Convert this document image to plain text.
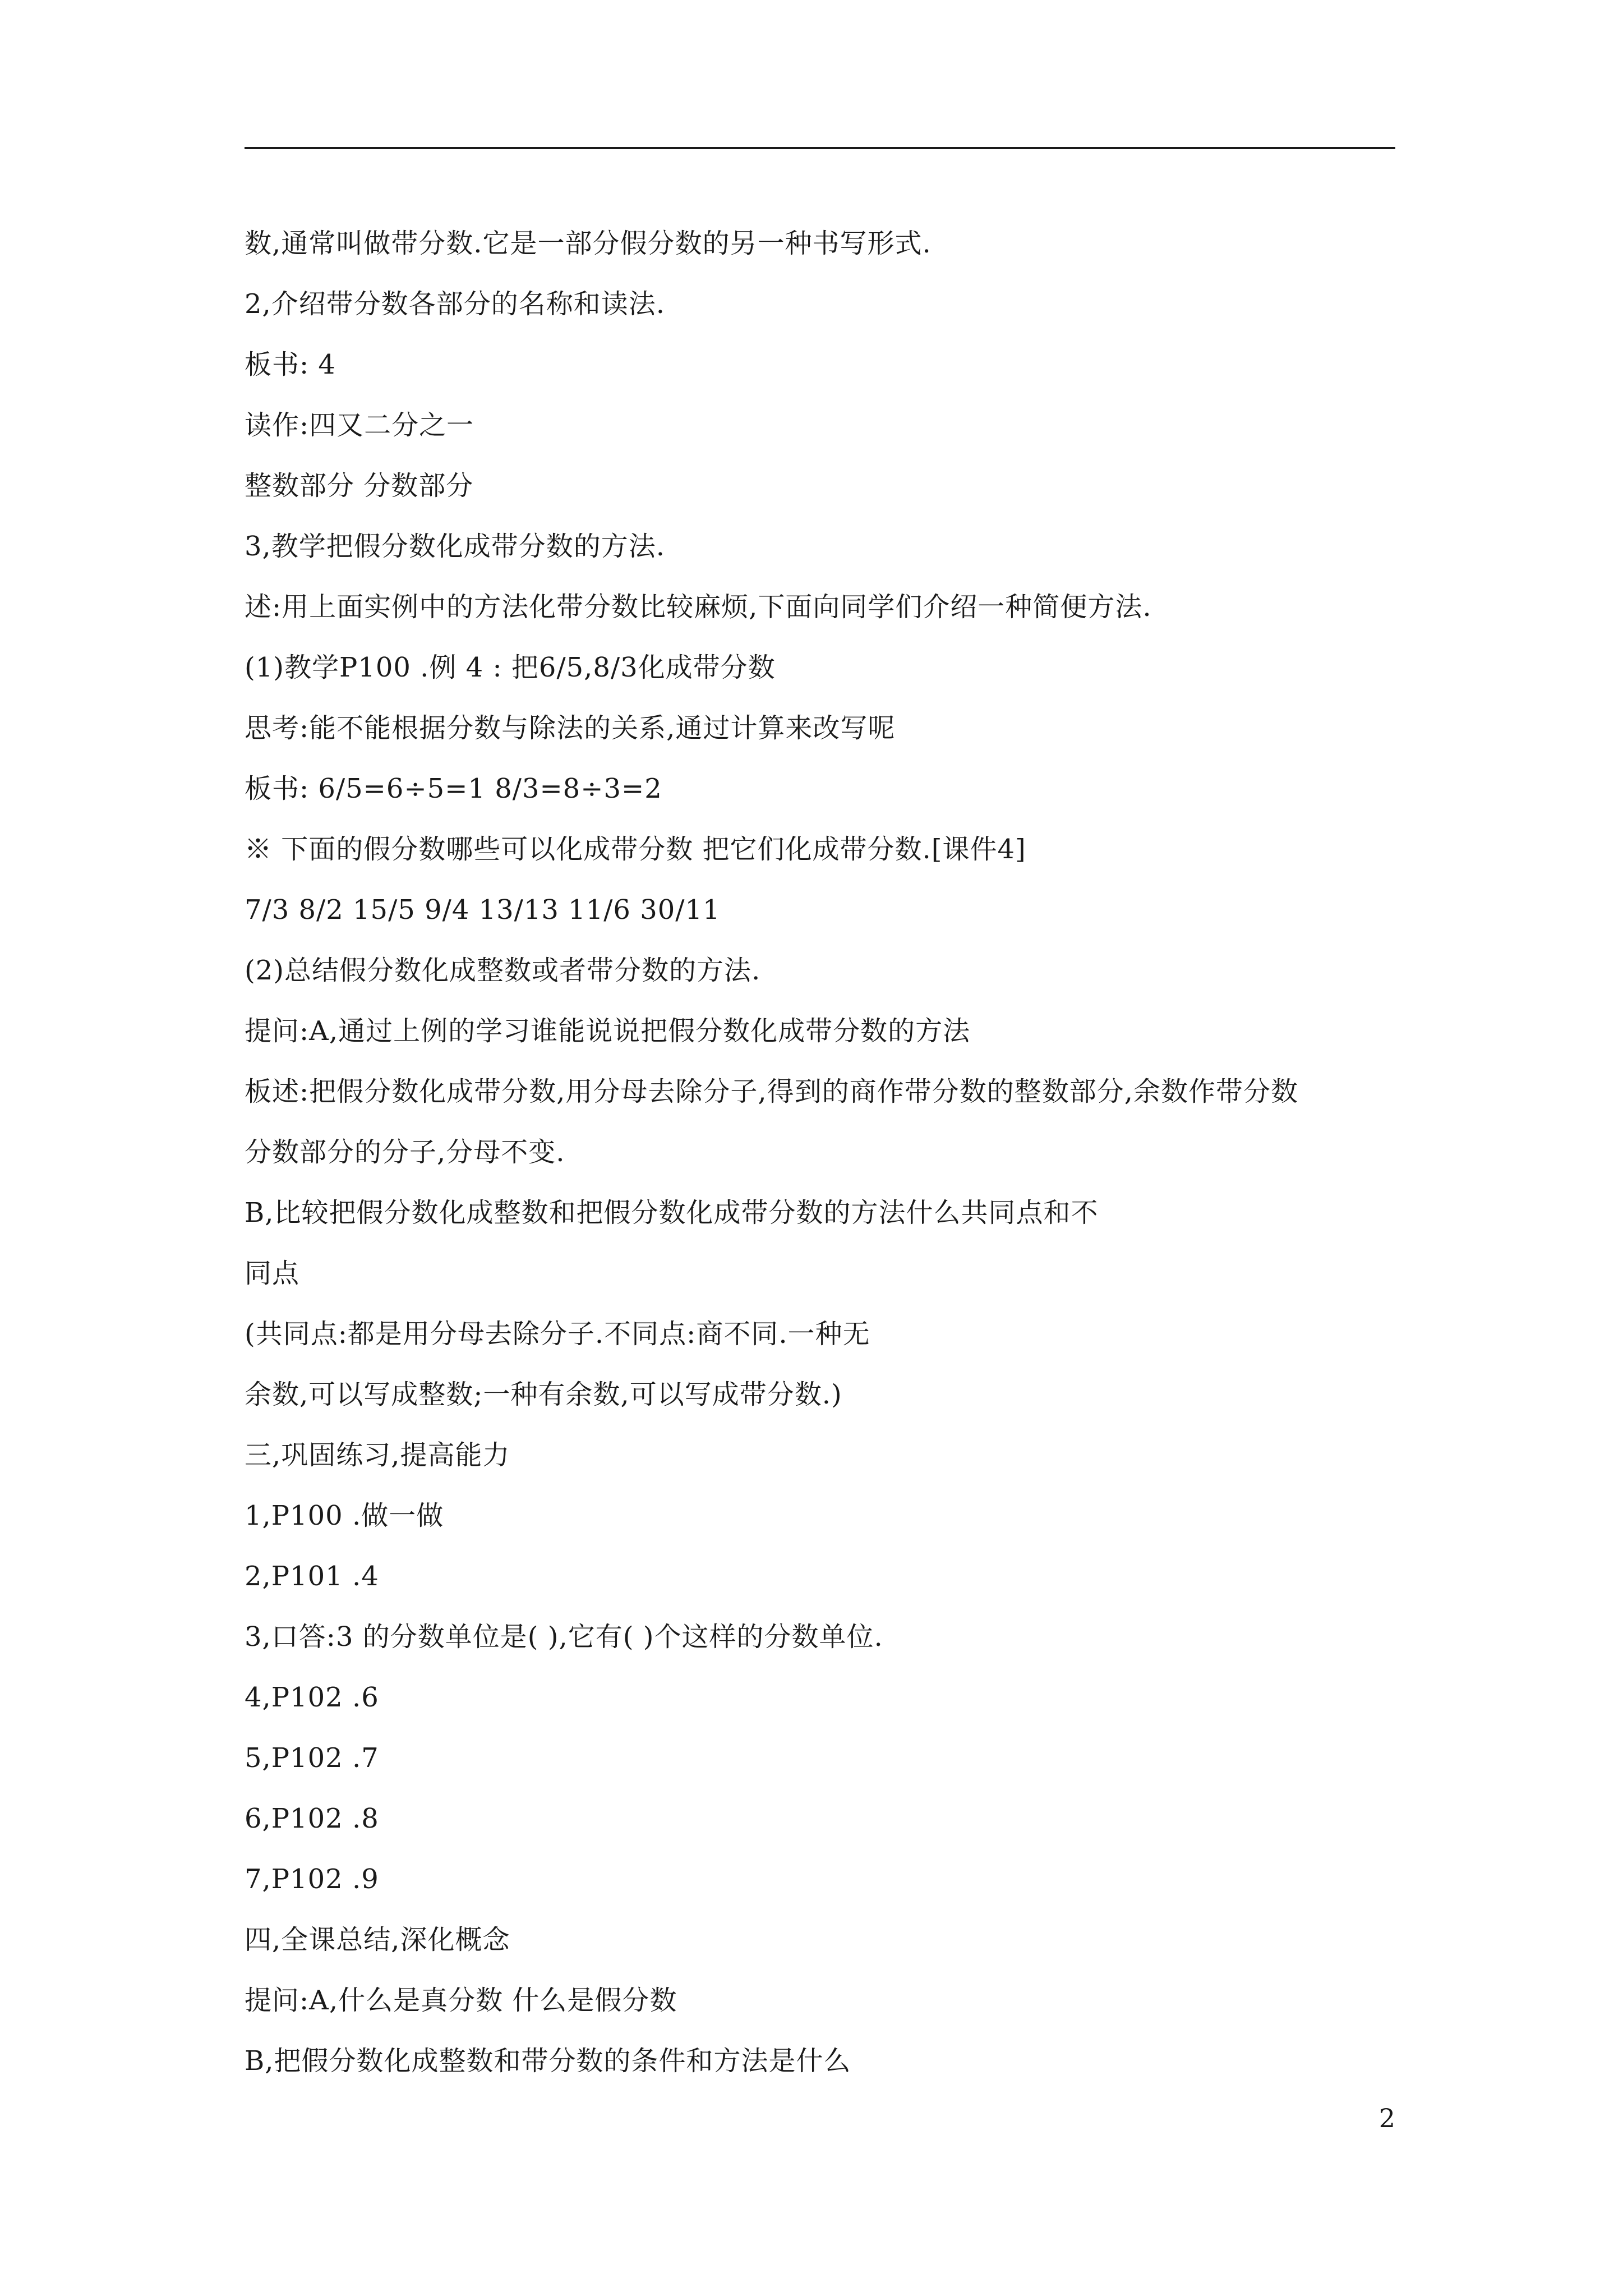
数,通常叫做带分数.它是一部分假分数的另一种书写形式.
2,介绍带分数各部分的名称和读法.
板书: 4
读作:四又二分之一
整数部分 分数部分
3,教学把假分数化成带分数的方法.
述:用上面实例中的方法化带分数比较麻烦,下面向同学们介绍一种简便方法.
(1)教学P100 .例 4 : 把6/5,8/3化成带分数
思考:能不能根据分数与除法的关系,通过计算来改写呢
板书: 6/5=6÷5=1 8/3=8÷3=2
※ 下面的假分数哪些可以化成带分数 把它们化成带分数.[课件4]
7/3 8/2 15/5 9/4 13/13 11/6 30/11
(2)总结假分数化成整数或者带分数的方法.
提问:A,通过上例的学习谁能说说把假分数化成带分数的方法
板述:把假分数化成带分数,用分母去除分子,得到的商作带分数的整数部分,余数作带分数
分数部分的分子,分母不变.
B,比较把假分数化成整数和把假分数化成带分数的方法什么共同点和不
同点
(共同点:都是用分母去除分子.不同点:商不同.一种无
余数,可以写成整数;一种有余数,可以写成带分数.)
三,巩固练习,提高能力
1,P100 .做一做
2,P101 .4
3,口答:3 的分数单位是( ),它有( )个这样的分数单位.
4,P102 .6
5,P102 .7
6,P102 .8
7,P102 .9
四,全课总结,深化概念
提问:A,什么是真分数 什么是假分数
B,把假分数化成整数和带分数的条件和方法是什么
2
